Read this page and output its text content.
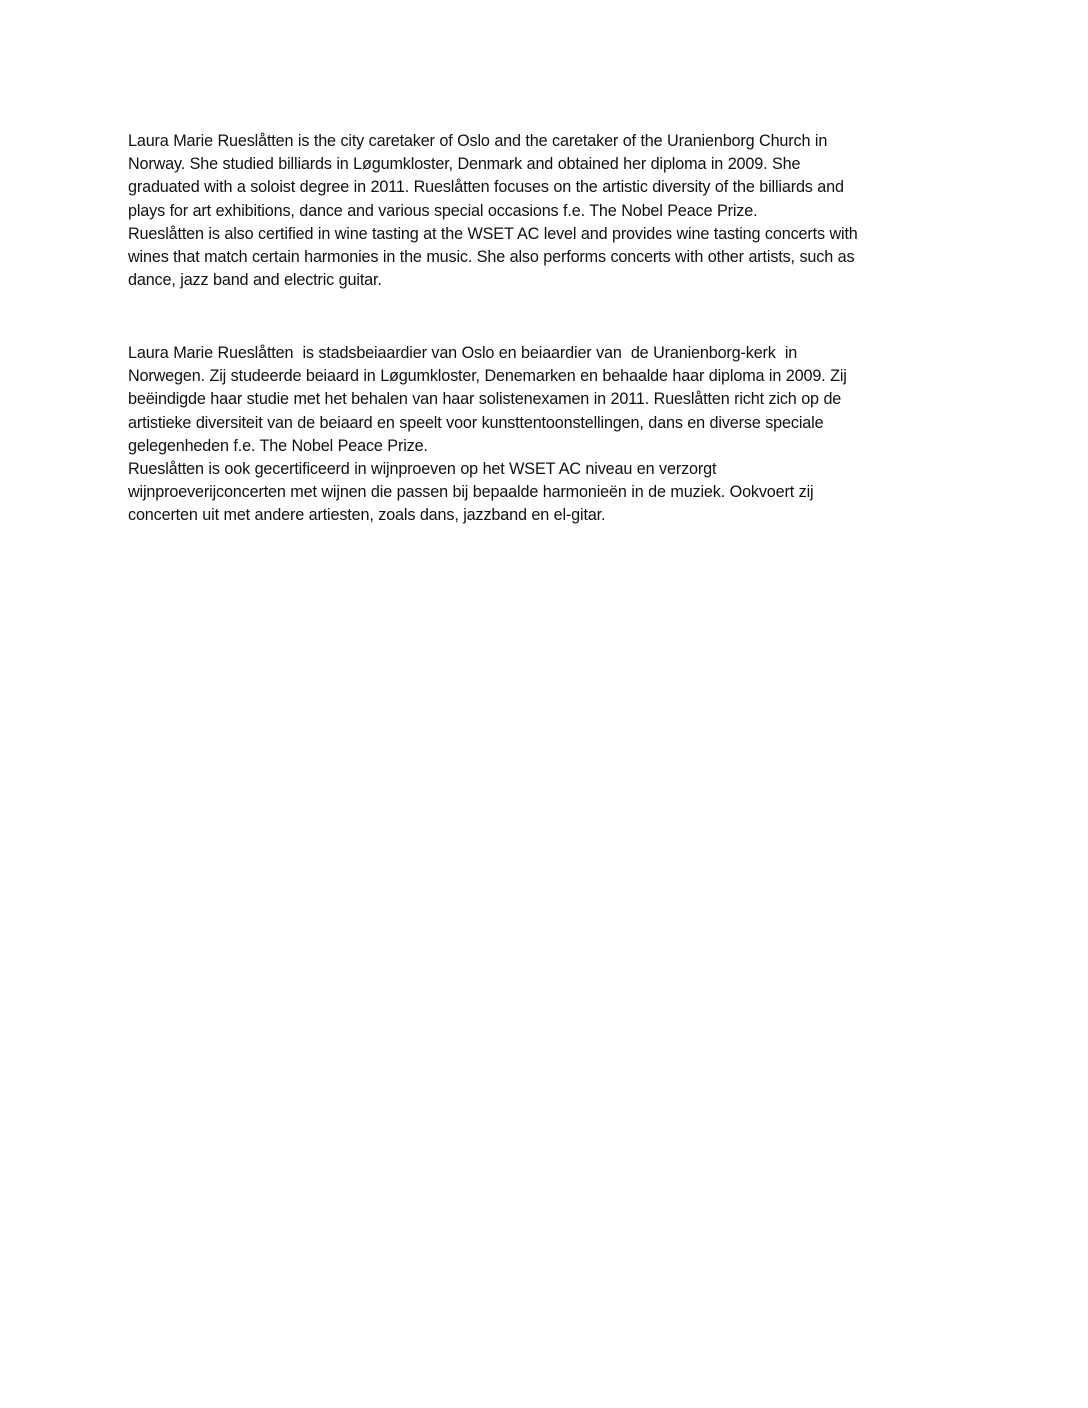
Laura Marie Rueslåtten is the city caretaker of Oslo and the caretaker of the Uranienborg Church in
Norway. She studied billiards in Løgumkloster, Denmark and obtained her diploma in 2009. She
graduated with a soloist degree in 2011. Rueslåtten focuses on the artistic diversity of the billiards and
plays for art exhibitions, dance and various special occasions f.e. The Nobel Peace Prize.
Rueslåtten is also certified in wine tasting at the WSET AC level and provides wine tasting concerts with
wines that match certain harmonies in the music. She also performs concerts with other artists, such as
dance, jazz band and electric guitar.
Laura Marie Rueslåtten  is stadsbeiaardier van Oslo en beiaardier van  de Uranienborg-kerk  in
Norwegen. Zij studeerde beiaard in Løgumkloster, Denemarken en behaalde haar diploma in 2009. Zij
beëindigde haar studie met het behalen van haar solistenexamen in 2011. Rueslåtten richt zich op de
artistieke diversiteit van de beiaard en speelt voor kunsttentoonstellingen, dans en diverse speciale
gelegenheden f.e. The Nobel Peace Prize.
Rueslåtten is ook gecertificeerd in wijnproeven op het WSET AC niveau en verzorgt
wijnproeverijconcerten met wijnen die passen bij bepaalde harmonieën in de muziek. Ookvoert zij
concerten uit met andere artiesten, zoals dans, jazzband en el-gitar.
